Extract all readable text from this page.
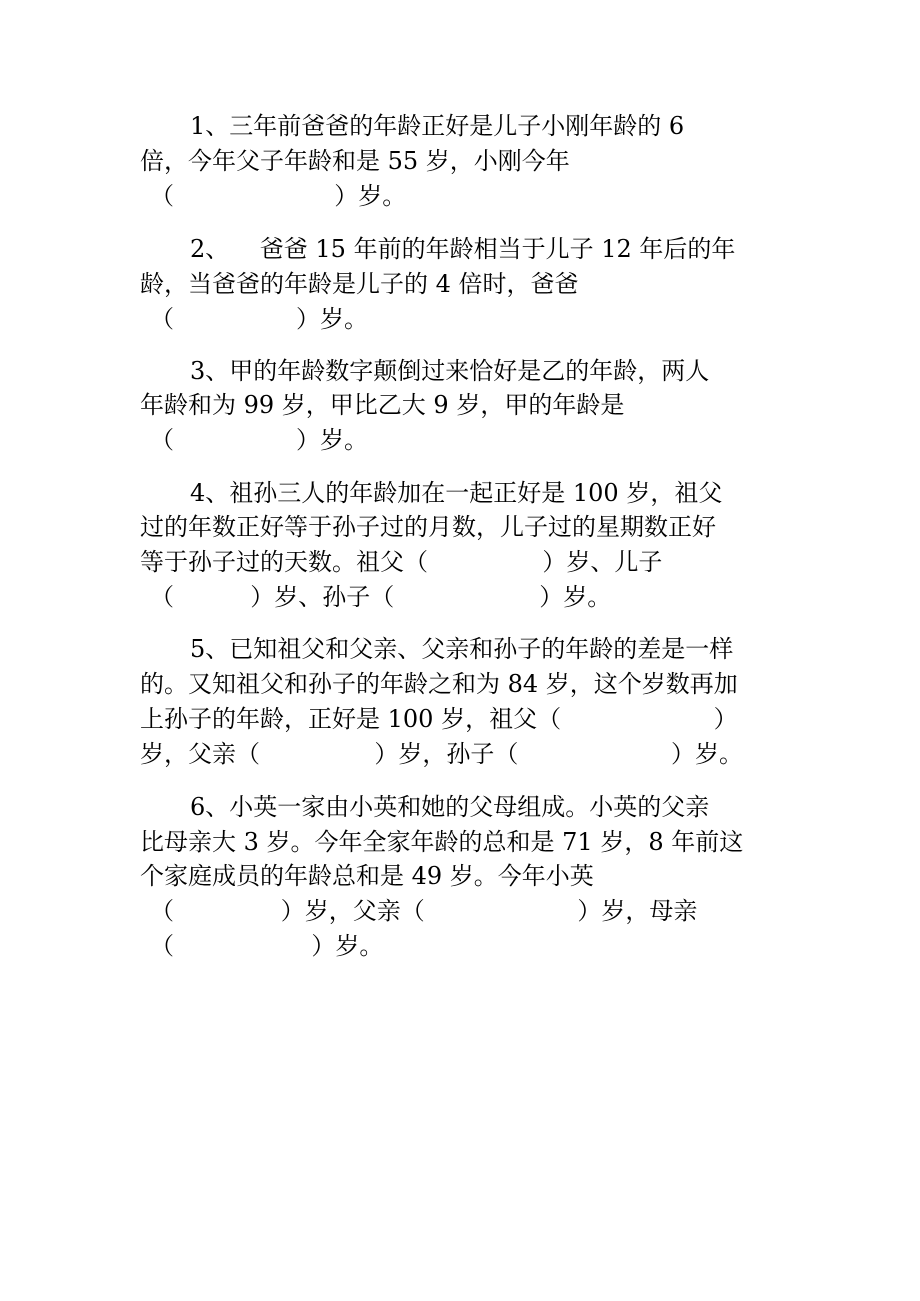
1、三年前爸爸的年龄正好是儿子小刚年龄的 6
倍，今年父子年龄和是 55 岁，小刚今年
（                     ）岁。
2、    爸爸 15 年前的年龄相当于儿子 12 年后的年
龄，当爸爸的年龄是儿子的 4 倍时，爸爸
（                ）岁。
3、甲的年龄数字颠倒过来恰好是乙的年龄，两人
年龄和为 99 岁，甲比乙大 9 岁，甲的年龄是
（                ）岁。
4、祖孙三人的年龄加在一起正好是 100 岁，祖父
过的年数正好等于孙子过的月数，儿子过的星期数正好
等于孙子过的天数。祖父（               ）岁、儿子
（          ）岁、孙子（                   ）岁。
5、已知祖父和父亲、父亲和孙子的年龄的差是一样
的。又知祖父和孙子的年龄之和为 84 岁，这个岁数再加
上孙子的年龄，正好是 100 岁，祖父（                    ）
岁，父亲（               ）岁，孙子（                    ）岁。
6、小英一家由小英和她的父母组成。小英的父亲
比母亲大 3 岁。今年全家年龄的总和是 71 岁，8 年前这
个家庭成员的年龄总和是 49 岁。今年小英
（              ）岁，父亲（                    ）岁，母亲
（                  ）岁。
